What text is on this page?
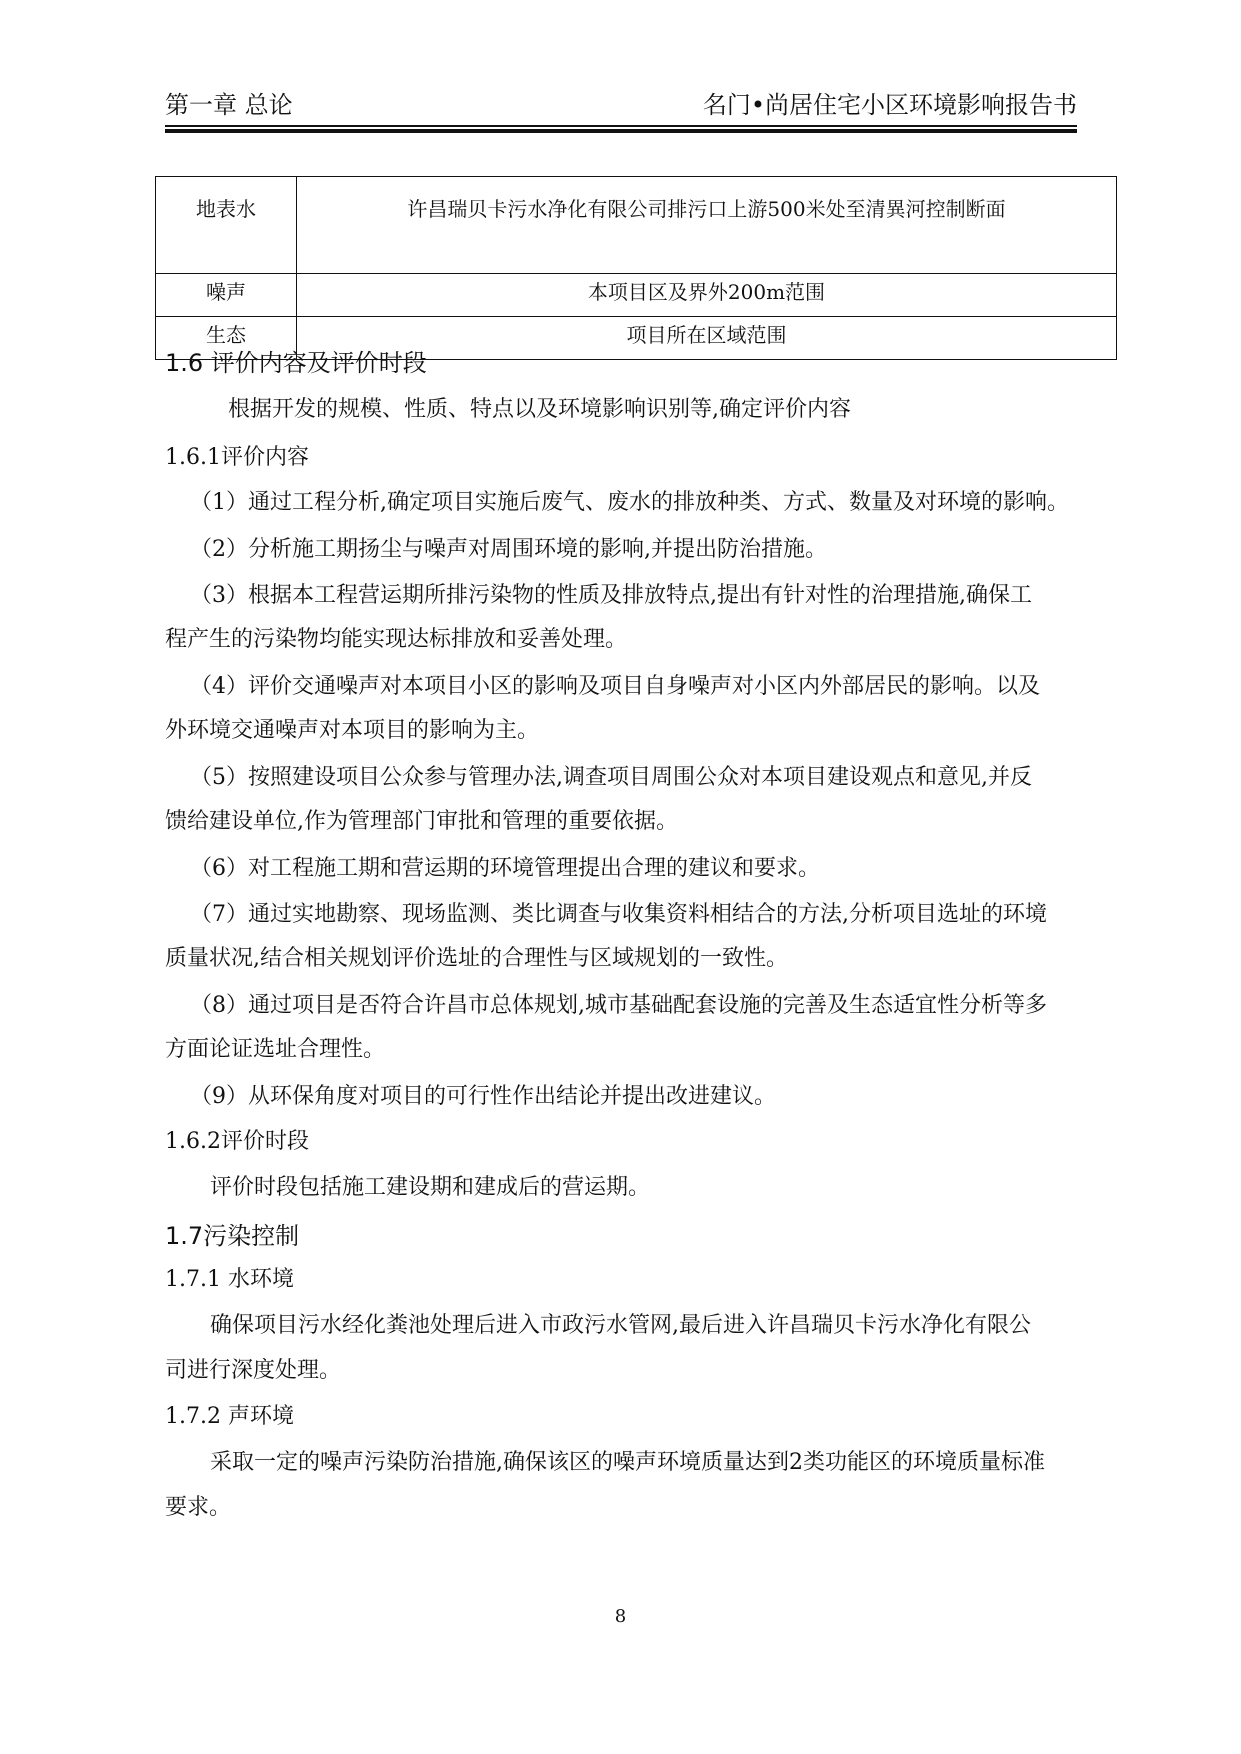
第一章 总论	名门•尚居住宅小区环境影响报告书
地表水	许昌瑞贝卡污水净化有限公司排污口上游500米处至清異河控制断面
噪声	本项目区及界外200m范围
生态	项目所在区域范围
1.6 评价内容及评价时段
根据开发的规模、性质、特点以及环境影响识别等,确定评价内容
1.6.1评价内容
（1）通过工程分析,确定项目实施后废气、废水的排放种类、方式、数量及对环境的影响。
（2）分析施工期扬尘与噪声对周围环境的影响,并提出防治措施。
（3）根据本工程营运期所排污染物的性质及排放特点,提出有针对性的治理措施,确保工
程产生的污染物均能实现达标排放和妥善处理。
（4）评价交通噪声对本项目小区的影响及项目自身噪声对小区内外部居民的影响。以及
外环境交通噪声对本项目的影响为主。
（5）按照建设项目公众参与管理办法,调查项目周围公众对本项目建设观点和意见,并反
馈给建设单位,作为管理部门审批和管理的重要依据。
（6）对工程施工期和营运期的环境管理提出合理的建议和要求。
（7）通过实地勘察、现场监测、类比调查与收集资料相结合的方法,分析项目选址的环境
质量状况,结合相关规划评价选址的合理性与区域规划的一致性。
（8）通过项目是否符合许昌市总体规划,城市基础配套设施的完善及生态适宜性分析等多
方面论证选址合理性。
（9）从环保角度对项目的可行性作出结论并提出改进建议。
1.6.2评价时段
评价时段包括施工建设期和建成后的营运期。
1.7污染控制
1.7.1 水环境
确保项目污水经化粪池处理后进入市政污水管网,最后进入许昌瑞贝卡污水净化有限公
司进行深度处理。
1.7.2 声环境
采取一定的噪声污染防治措施,确保该区的噪声环境质量达到2类功能区的环境质量标准
要求。
8
